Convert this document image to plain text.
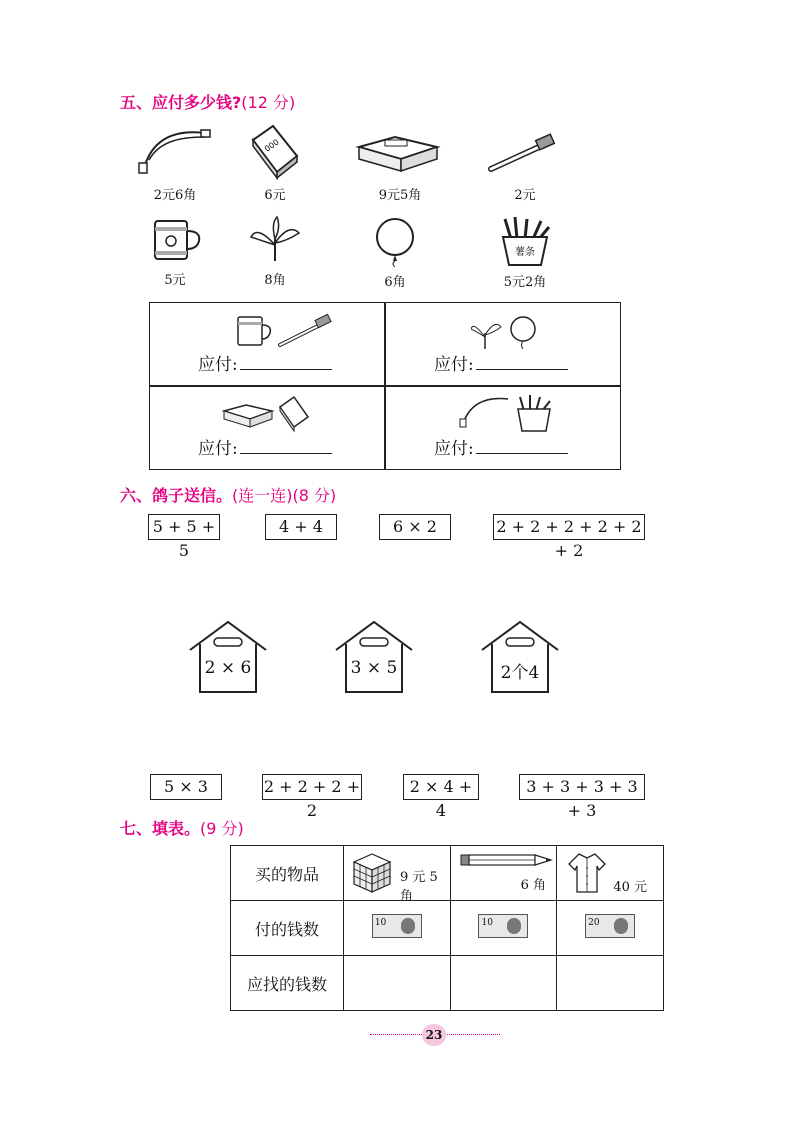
五、应付多少钱?(12 分)
2元6角
000
6元	9元5角	2元
5元	8角	6角
薯条
5元2角
应付:	应付:
应付:	应付:
六、鸽子送信。(连一连)(8 分)
5 + 5 + 5
4 + 4	6 × 2	2 + 2 + 2 + 2 + 2 + 2
2 × 6	3 × 5	2个4
5 × 3	2 + 2 + 2 + 2
2 × 4 + 4
3 + 3 + 3 + 3 + 3
七、填表。(9 分)
买的物品	9 元 5 角	6 角	40 元

付的钱数	10	10	20

应找的钱数			
23
